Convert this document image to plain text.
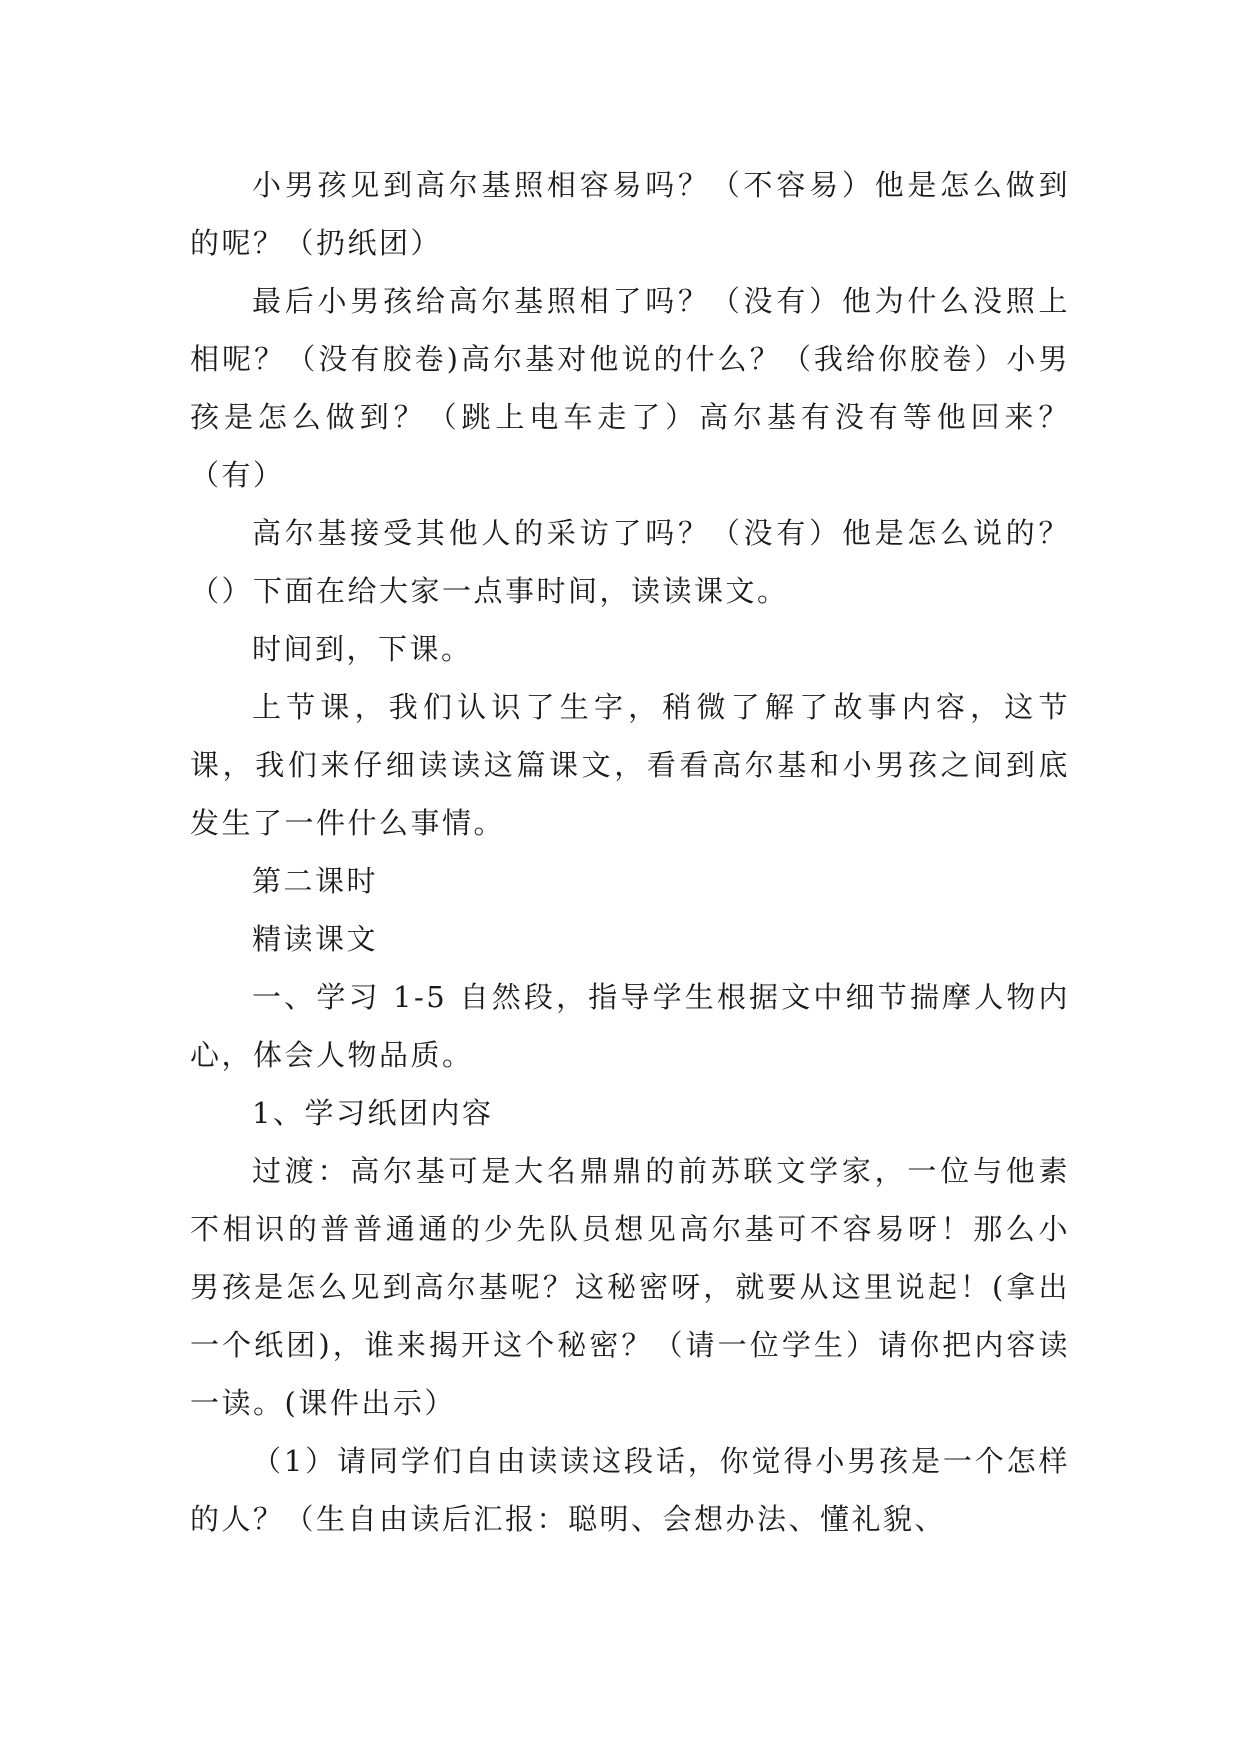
小男孩见到高尔基照相容易吗？（不容易）他是怎么做到的呢？（扔纸团）

最后小男孩给高尔基照相了吗？（没有）他为什么没照上相呢？（没有胶卷)高尔基对他说的什么？（我给你胶卷）小男孩是怎么做到？（跳上电车走了）高尔基有没有等他回来？（有）

高尔基接受其他人的采访了吗？（没有）他是怎么说的？（）下面在给大家一点事时间，读读课文。

时间到，下课。

上节课，我们认识了生字，稍微了解了故事内容，这节课，我们来仔细读读这篇课文，看看高尔基和小男孩之间到底发生了一件什么事情。

第二课时

精读课文

一、学习 1-5 自然段，指导学生根据文中细节揣摩人物内心，体会人物品质。

1、学习纸团内容

过渡：高尔基可是大名鼎鼎的前苏联文学家，一位与他素不相识的普普通通的少先队员想见高尔基可不容易呀！那么小男孩是怎么见到高尔基呢？这秘密呀，就要从这里说起！(拿出一个纸团)，谁来揭开这个秘密？（请一位学生）请你把内容读一读。(课件出示）

（1）请同学们自由读读这段话，你觉得小男孩是一个怎样的人？（生自由读后汇报：聪明、会想办法、懂礼貌、
